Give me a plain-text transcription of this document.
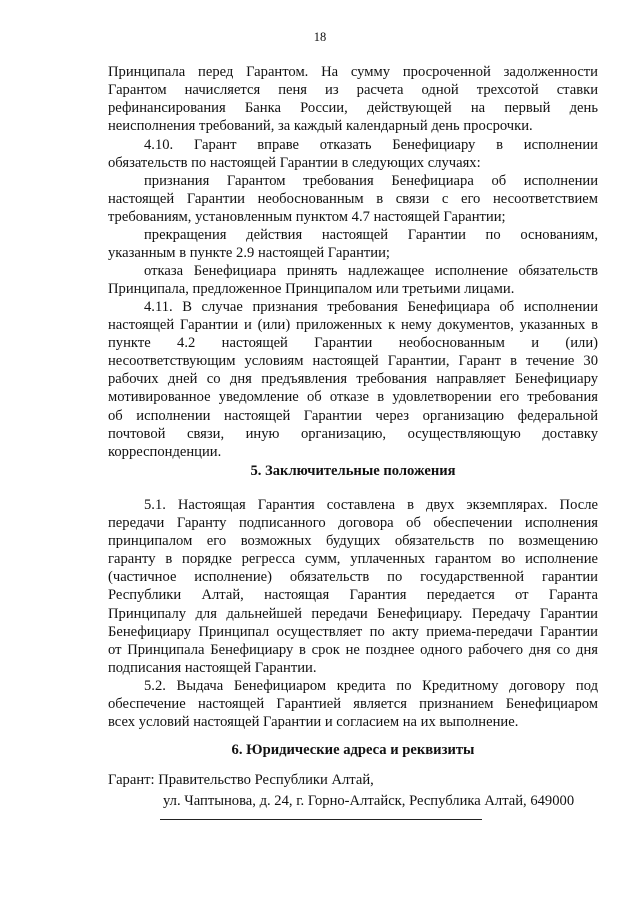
18

Принципала перед Гарантом. На сумму просроченной задолженности
Гарантом начисляется пеня из расчета одной трехсотой ставки
рефинансирования Банка России, действующей на первый день
неисполнения требований, за каждый календарный день просрочки.

4.10. Гарант вправе отказать Бенефициару в исполнении
обязательств по настоящей Гарантии в следующих случаях:

признания Гарантом требования Бенефициара об исполнении
настоящей Гарантии необоснованным в связи с его несоответствием
требованиям, установленным пунктом 4.7 настоящей Гарантии;

прекращения действия настоящей Гарантии по основаниям,
указанным в пункте 2.9 настоящей Гарантии;

отказа Бенефициара принять надлежащее исполнение обязательств
Принципала, предложенное Принципалом или третьими лицами.

4.11. В случае признания требования Бенефициара об исполнении
настоящей Гарантии и (или) приложенных к нему документов, указанных в
пункте 4.2 настоящей Гарантии необоснованным и (или)
несоответствующим условиям настоящей Гарантии, Гарант в течение 30
рабочих дней со дня предъявления требования направляет Бенефициару
мотивированное уведомление об отказе в удовлетворении его требования
об исполнении настоящей Гарантии через организацию федеральной
почтовой связи, иную организацию, осуществляющую доставку
корреспонденции.

5. Заключительные положения

5.1. Настоящая Гарантия составлена в двух экземплярах. После
передачи Гаранту подписанного договора об обеспечении исполнения
принципалом его возможных будущих обязательств по возмещению
гаранту в порядке регресса сумм, уплаченных гарантом во исполнение
(частичное исполнение) обязательств по государственной гарантии
Республики Алтай, настоящая Гарантия передается от Гаранта
Принципалу для дальнейшей передачи Бенефициару. Передачу Гарантии
Бенефициару Принципал осуществляет по акту приема-передачи Гарантии
от Принципала Бенефициару в срок не позднее одного рабочего дня со дня
подписания настоящей Гарантии.

5.2. Выдача Бенефициаром кредита по Кредитному договору под
обеспечение настоящей Гарантией является признанием Бенефициаром
всех условий настоящей Гарантии и согласием на их выполнение.

6. Юридические адреса и реквизиты
Гарант: Правительство Республики Алтай,
ул. Чаптынова, д. 24, г. Горно-Алтайск, Республика Алтай, 649000
